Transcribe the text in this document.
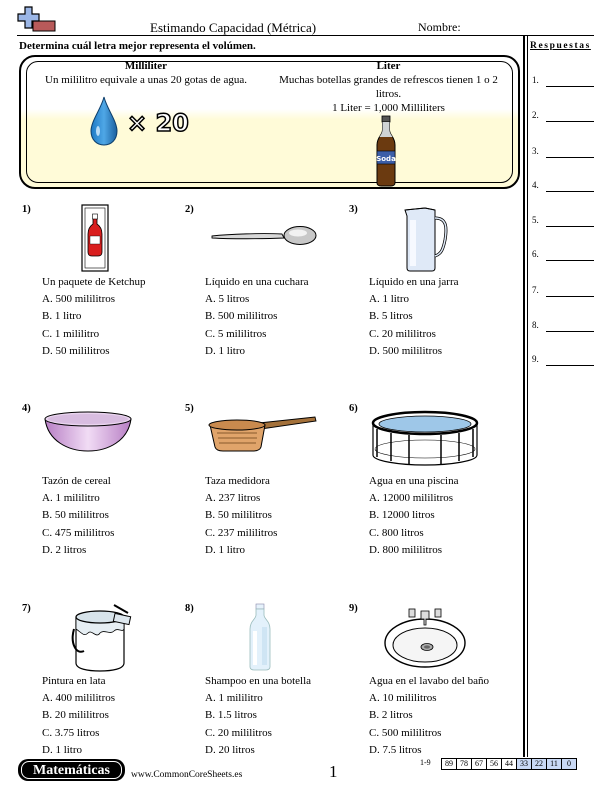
Estimando Capacidad (Métrica)	Nombre:
Determina cuál letra mejor representa el volúmen.	Respuestas
1.
2.
3.
4.
5.
6.
7.
8.
9.
Milliliter
Un mililitro equivale a unas 20 gotas de agua.
× 20
Liter
Muchas botellas grandes de refrescos tienen 1 o 2
litros.
1 Liter = 1,000 Milliliters
Soda
1)
Un paquete de Ketchup
A. 500 mililitros
B. 1 litro
C. 1 mililitro
D. 50 mililitros
2)
Líquido en una cuchara
A. 5 litros
B. 500 mililitros
C. 5 mililitros
D. 1 litro
3)
Líquido en una jarra
A. 1 litro
B. 5 litros
C. 20 mililitros
D. 500 mililitros
4)
Tazón de cereal
A. 1 mililitro
B. 50 mililitros
C. 475 mililitros
D. 2 litros
5)
Taza medidora
A. 237 litros
B. 50 mililitros
C. 237 mililitros
D. 1 litro
6)
Agua en una piscina
A. 12000 mililitros
B. 12000 litros
C. 800 litros
D. 800 mililitros
7)
Pintura en lata
A. 400 mililitros
B. 20 mililitros
C. 3.75 litros
D. 1 litro
8)
Shampoo en una botella
A. 1 mililitro
B. 1.5 litros
C. 20 mililitros
D. 20 litros
9)
Agua en el lavabo del baño
A. 10 mililitros
B. 2 litros
C. 500 mililitros
D. 7.5 litros
Matemáticas	www.CommonCoreSheets.es	1	1-9	89 78 67 56 44 33 22 11	0
